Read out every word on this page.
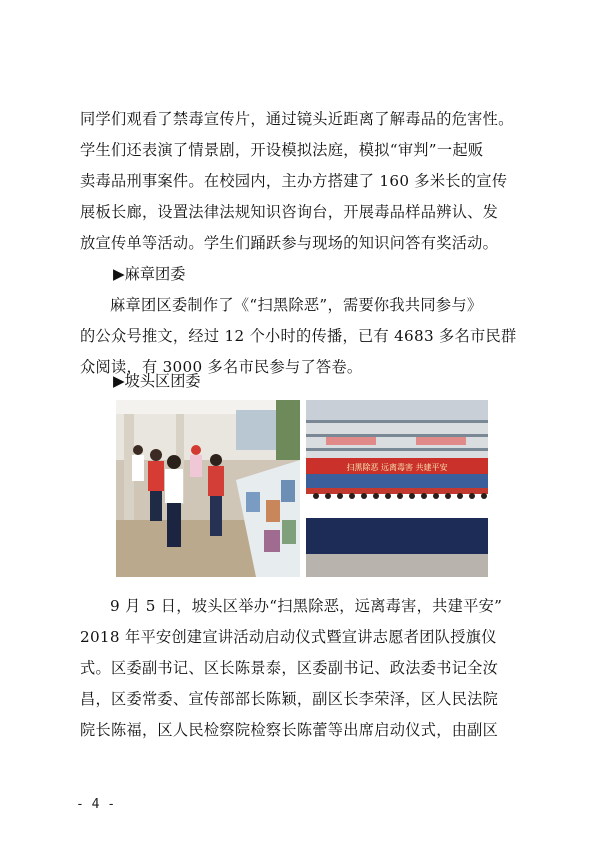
同学们观看了禁毒宣传片，通过镜头近距离了解毒品的危害性。

学生们还表演了情景剧，开设模拟法庭，模拟“审判”一起贩

卖毒品刑事案件。在校园内，主办方搭建了 160 多米长的宣传

展板长廊，设置法律法规知识咨询台，开展毒品样品辨认、发

放宣传单等活动。学生们踊跃参与现场的知识问答有奖活动。

▶麻章团委

麻章团区委制作了《“扫黑除恶”，需要你我共同参与》

的公众号推文，经过 12 个小时的传播，已有 4683 多名市民群

众阅读，有 3000 多名市民参与了答卷。

▶坡头区团委
扫黑除恶 远离毒害 共建平安

9 月 5 日，坡头区举办“扫黑除恶，远离毒害，共建平安”

2018 年平安创建宣讲活动启动仪式暨宣讲志愿者团队授旗仪

式。区委副书记、区长陈景泰，区委副书记、政法委书记全汝

昌，区委常委、宣传部部长陈颖，副区长李荣泽，区人民法院

院长陈福，区人民检察院检察长陈蕾等出席启动仪式，由副区

- 4 -
